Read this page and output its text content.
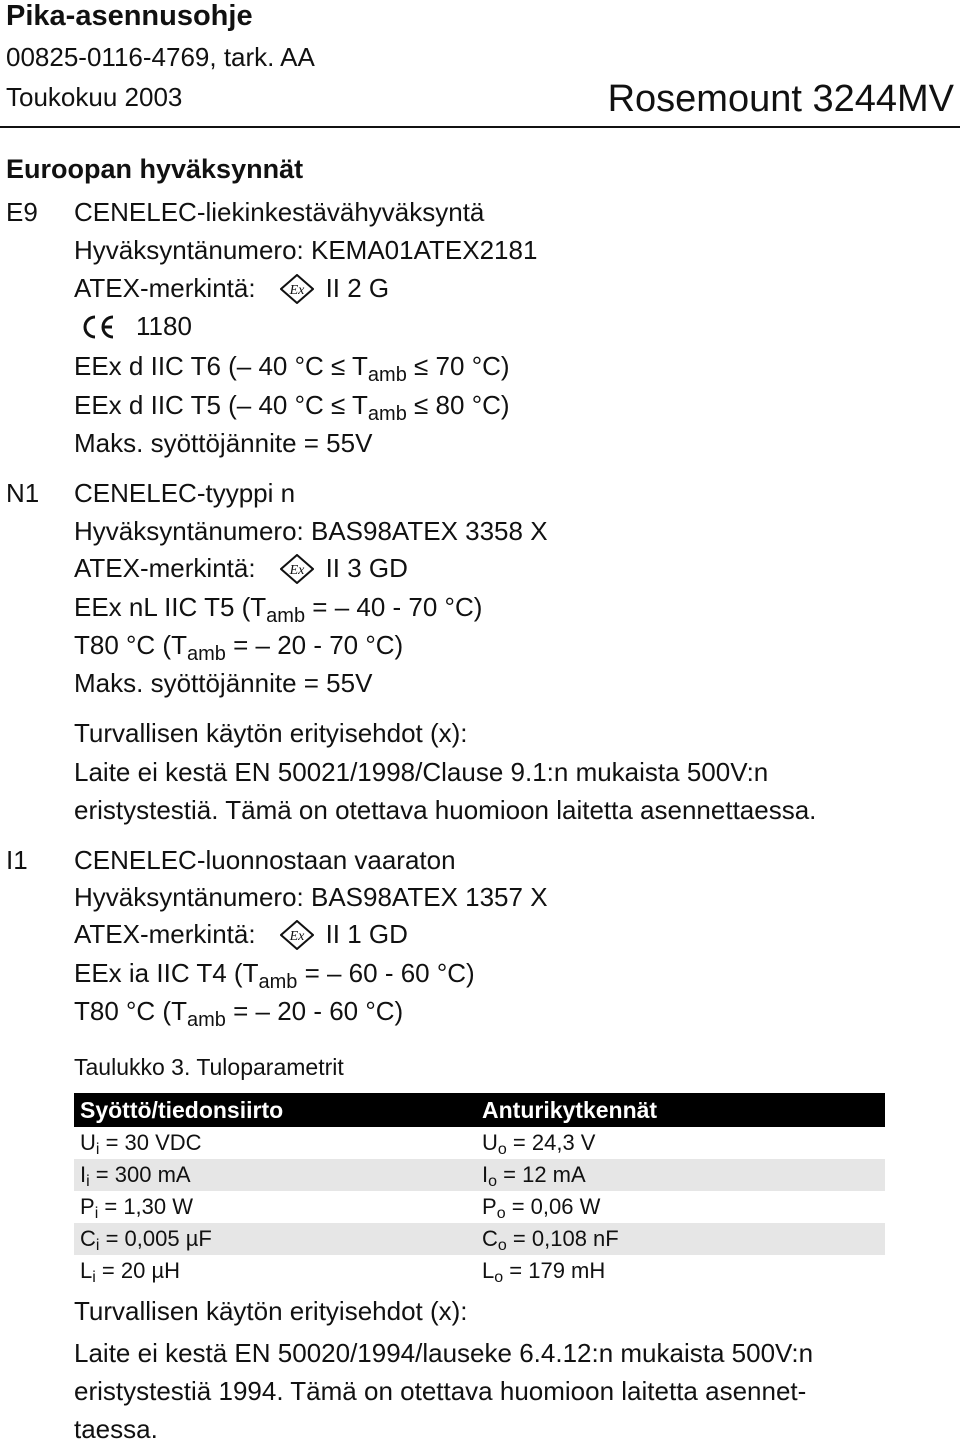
Pika-asennusohje
00825-0116-4769, tark. AA
Toukokuu 2003	Rosemount 3244MV
Euroopan hyväksynnät
E9 CENELEC-liekinkestävähyväksyntä
Hyväksyntänumero: KEMA01ATEX2181
ATEX-merkintä: Ex II 2 G
1180
EEx d IIC T6 (– 40 $^\circ C \le T_{amb} \le 70$ °C)
EEx d IIC T5 (– 40 $^\circ C \le T_{amb} \le 80$ °C)
Maks. syöttöjännite = 55V
N1 CENELEC-tyyppi n
Hyväksyntänumero: BAS98ATEX 3358 X
ATEX-merkintä: Ex II 3 GD
EEx nL IIC T5 ($T_{amb}$ = – 40 - 70 °C)
T80 °C ($T_{amb}$ = – 20 - 70 °C)
Maks. syöttöjännite = 55V
Turvallisen käytön erityisehdot (x):
Laite ei kestä EN 50021/1998/Clause 9.1:n mukaista 500V:n
eristystestiä. Tämä on otettava huomioon laitetta asennettaessa.
I1 CENELEC-luonnostaan vaaraton
Hyväksyntänumero: BAS98ATEX 1357 X
ATEX-merkintä: Ex II 1 GD
EEx ia IIC T4 ($T_{amb}$ = – 60 - 60 °C)
T80 °C ($T_{amb}$ = – 20 - 60 °C)
Taulukko 3. Tuloparametrit
Syöttö/tiedonsiirto	Anturikytkennät
$U_i = 30$ VDC	$U_o = 24,3$ V
$I_i = 300$ mA	$I_o = 12$ mA
$P_i = 1,30$ W	$P_o = 0,06$ W
$C_i = 0,005$ µF	$C_o = 0,108$ nF
$L_i = 20$ µH	$L_o = 179$ mH
Turvallisen käytön erityisehdot (x):
Laite ei kestä EN 50020/1994/lauseke 6.4.12:n mukaista 500V:n
eristystestiä 1994. Tämä on otettava huomioon laitetta asennet-
taessa.
